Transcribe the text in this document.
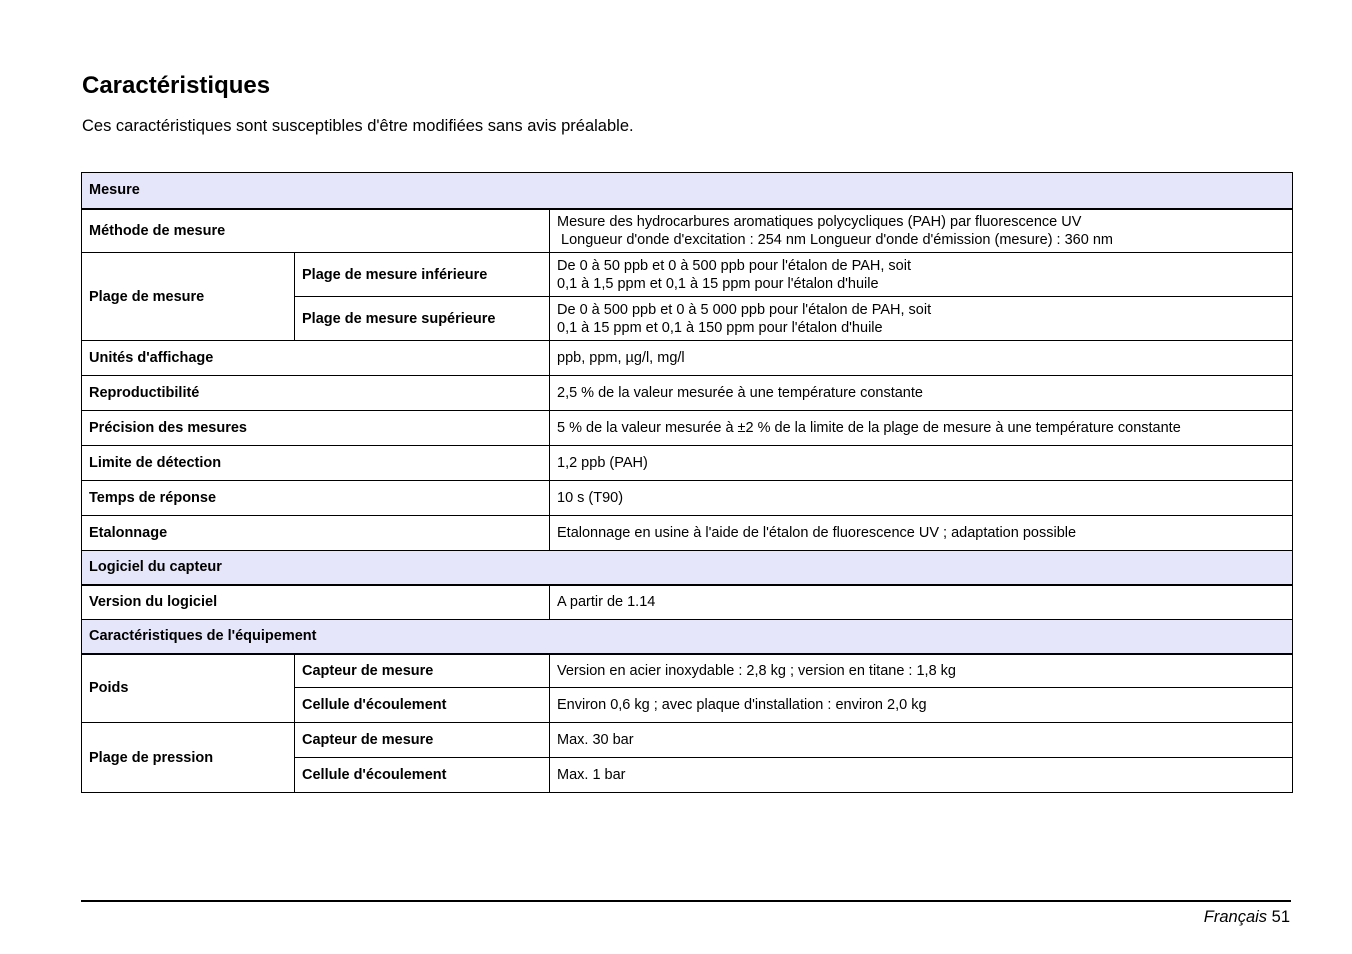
Caractéristiques

Ces caractéristiques sont susceptibles d'être modifiées sans avis préalable.

Mesure		
Méthode de mesure		Mesure des hydrocarbures aromatiques polycycliques (PAH) par fluorescence UV
Longueur d'onde d'excitation : 254 nm Longueur d'onde d'émission (mesure) : 360 nm

Plage de mesure	Plage de mesure inférieure	De 0 à 50 ppb et 0 à 500 ppb pour l'étalon de PAH, soit
0,1 à 1,5 ppm et 0,1 à 15 ppm pour l'étalon d'huile

	Plage de mesure supérieure	De 0 à 500 ppb et 0 à 5 000 ppb pour l'étalon de PAH, soit
0,1 à 15 ppm et 0,1 à 150 ppm pour l'étalon d'huile

Unités d'affichage		ppb, ppm, µg/l, mg/l
Reproductibilité		2,5 % de la valeur mesurée à une température constante
Précision des mesures		5 % de la valeur mesurée à ±2 % de la limite de la plage de mesure à une température constante
Limite de détection		1,2 ppb (PAH)
Temps de réponse		10 s (T90)
Etalonnage		Etalonnage en usine à l'aide de l'étalon de fluorescence UV ; adaptation possible
Logiciel du capteur		
Version du logiciel		A partir de 1.14
Caractéristiques de l'équipement		
Poids	Capteur de mesure	Version en acier inoxydable : 2,8 kg ; version en titane : 1,8 kg
	Cellule d'écoulement	Environ 0,6 kg ; avec plaque d'installation : environ 2,0 kg
Plage de pression	Capteur de mesure	Max. 30 bar
	Cellule d'écoulement	Max. 1 bar
Français 51
